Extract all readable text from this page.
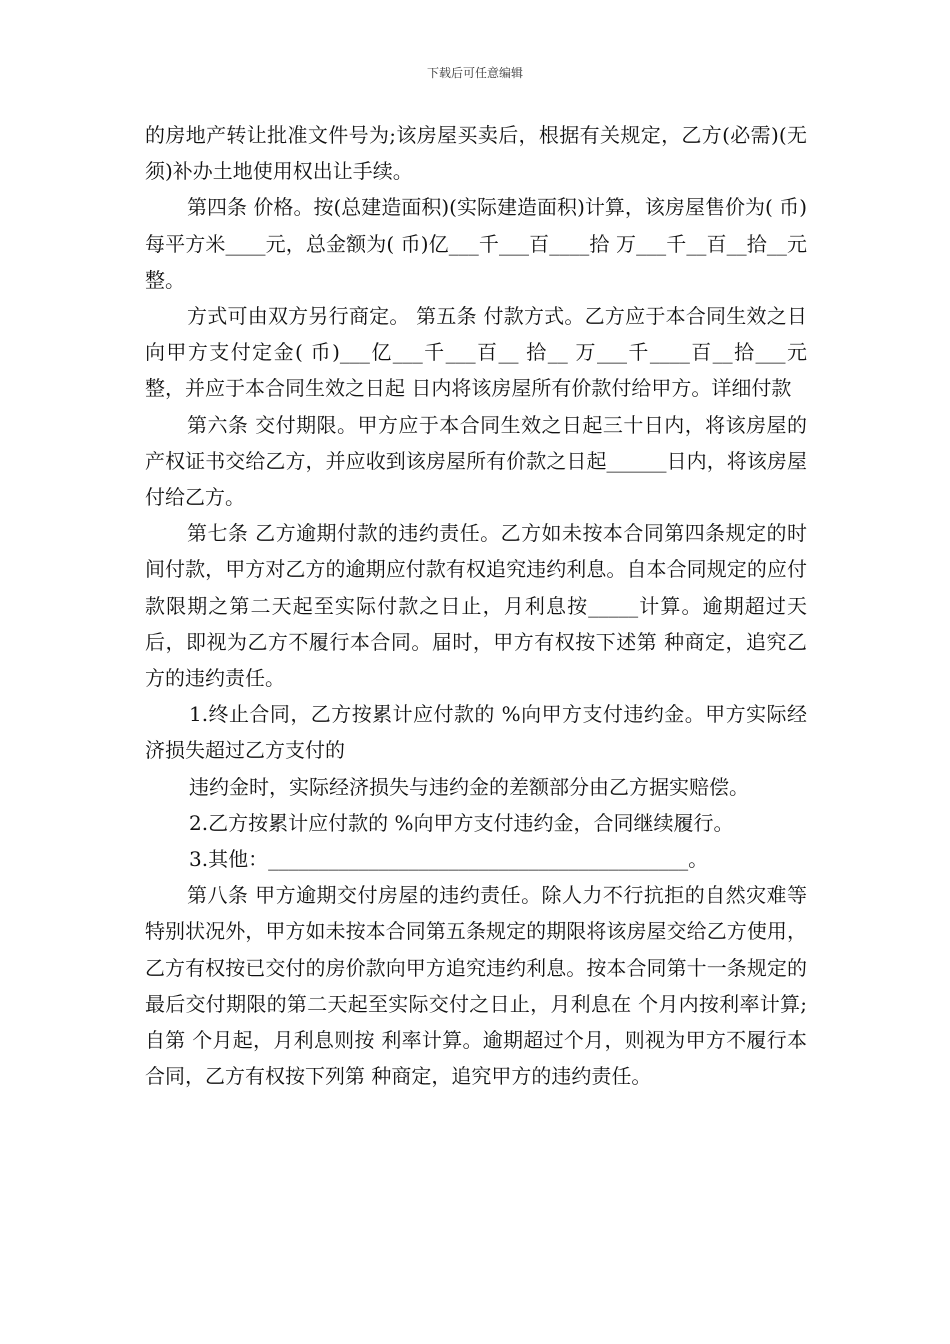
下载后可任意编辑

的房地产转让批准文件号为;该房屋买卖后，根据有关规定，乙方(必需)(无须)补办土地使用权出让手续。

第四条 价格。按(总建造面积)(实际建造面积)计算，该房屋售价为( 币)每平方米____元，总金额为( 币)亿___千___百____拾 万___千__百__拾__元整。

方式可由双方另行商定。 第五条 付款方式。乙方应于本合同生效之日向甲方支付定金( 币)___亿___千___百__ 拾__ 万___千____百__拾___元整，并应于本合同生效之日起 日内将该房屋所有价款付给甲方。详细付款

第六条 交付期限。甲方应于本合同生效之日起三十日内，将该房屋的产权证书交给乙方，并应收到该房屋所有价款之日起______日内，将该房屋付给乙方。

第七条 乙方逾期付款的违约责任。乙方如未按本合同第四条规定的时间付款，甲方对乙方的逾期应付款有权追究违约利息。自本合同规定的应付款限期之第二天起至实际付款之日止，月利息按_____计算。逾期超过天后，即视为乙方不履行本合同。届时，甲方有权按下述第 种商定，追究乙方的违约责任。

1.终止合同，乙方按累计应付款的 %向甲方支付违约金。甲方实际经济损失超过乙方支付的

违约金时，实际经济损失与违约金的差额部分由乙方据实赔偿。

2.乙方按累计应付款的 %向甲方支付违约金，合同继续履行。

3.其他：__________________________________________。

第八条 甲方逾期交付房屋的违约责任。除人力不行抗拒的自然灾难等特别状况外，甲方如未按本合同第五条规定的期限将该房屋交给乙方使用，乙方有权按已交付的房价款向甲方追究违约利息。按本合同第十一条规定的最后交付期限的第二天起至实际交付之日止，月利息在 个月内按利率计算;自第 个月起，月利息则按 利率计算。逾期超过个月，则视为甲方不履行本合同，乙方有权按下列第 种商定，追究甲方的违约责任。
